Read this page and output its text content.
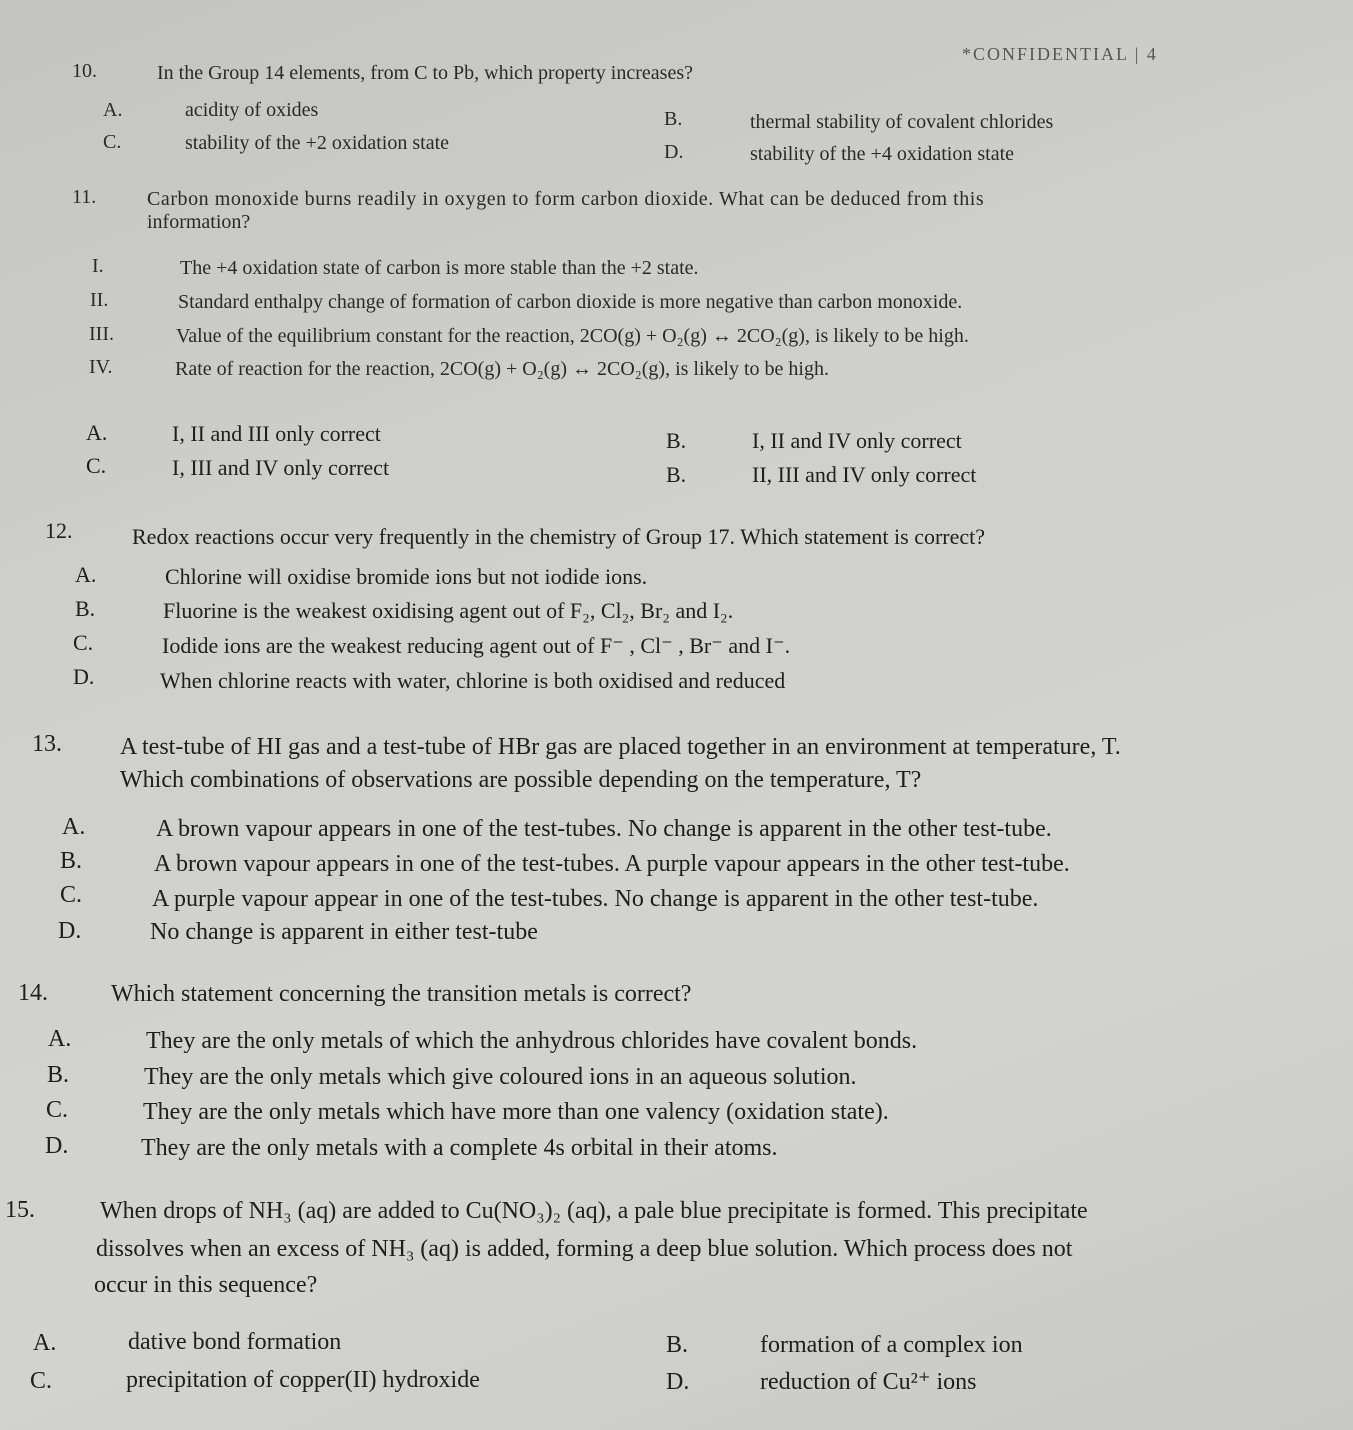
*CONFIDENTIAL | 4
10.	In the Group 14 elements, from C to Pb, which property increases?
A.	acidity of oxides	B.	thermal stability of covalent chlorides
C.	stability of the +2 oxidation state	D.	stability of the +4 oxidation state
11.	Carbon monoxide burns readily in oxygen to form carbon dioxide. What can be deduced from this
information?
I.	The +4 oxidation state of carbon is more stable than the +2 state.
II.	Standard enthalpy change of formation of carbon dioxide is more negative than carbon monoxide.
III.	Value of the equilibrium constant for the reaction, 2CO(g) + O₂(g) ↔ 2CO₂(g), is likely to be high.
IV.	Rate of reaction for the reaction, 2CO(g) + O₂(g) ↔ 2CO₂(g), is likely to be high.
A.	I, II and III only correct	B.	I, II and IV only correct
C.	I, III and IV only correct	B.	II, III and IV only correct
12.	Redox reactions occur very frequently in the chemistry of Group 17. Which statement is correct?
A.	Chlorine will oxidise bromide ions but not iodide ions.
B.	Fluorine is the weakest oxidising agent out of F₂, Cl₂, Br₂ and I₂.
C.	Iodide ions are the weakest reducing agent out of F⁻ , Cl⁻ , Br⁻ and I⁻.
D.	When chlorine reacts with water, chlorine is both oxidised and reduced
13. A test-tube of HI gas and a test-tube of HBr gas are placed together in an environment at temperature, T.
Which combinations of observations are possible depending on the temperature, T?
A.	A brown vapour appears in one of the test-tubes. No change is apparent in the other test-tube.
B.	A brown vapour appears in one of the test-tubes. A purple vapour appears in the other test-tube.
C.	A purple vapour appear in one of the test-tubes. No change is apparent in the other test-tube.
D.	No change is apparent in either test-tube
14.	Which statement concerning the transition metals is correct?
A.	They are the only metals of which the anhydrous chlorides have covalent bonds.
B.	They are the only metals which give coloured ions in an aqueous solution.
C.	They are the only metals which have more than one valency (oxidation state).
D.	They are the only metals with a complete 4s orbital in their atoms.
15.	When drops of NH₃ (aq) are added to Cu(NO₃)₂ (aq), a pale blue precipitate is formed. This precipitate
dissolves when an excess of NH₃ (aq) is added, forming a deep blue solution. Which process does not
occur in this sequence?
A.	dative bond formation	B.	formation of a complex ion
C.	precipitation of copper(II) hydroxide	D.	reduction of Cu²⁺ ions
